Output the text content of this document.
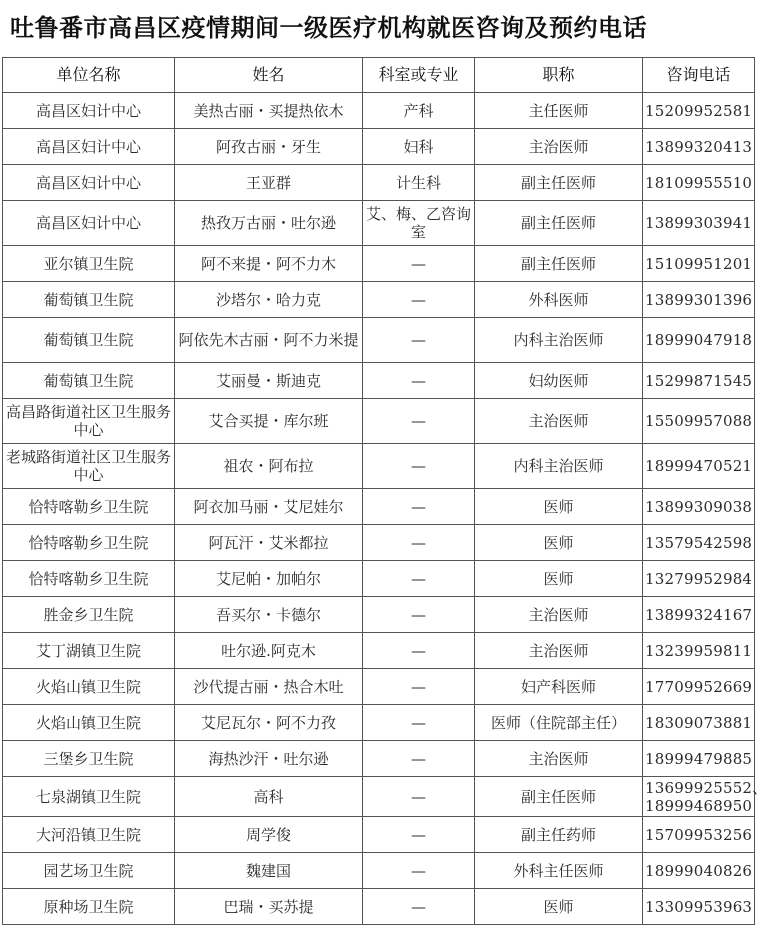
吐鲁番市高昌区疫情期间一级医疗机构就医咨询及预约电话
单位名称	姓名	科室或专业	职称	咨询电话
高昌区妇计中心	美热古丽・买提热依木	产科	主任医师	15209952581
高昌区妇计中心	阿孜古丽・牙生	妇科	主治医师	13899320413
高昌区妇计中心	王亚群	计生科	副主任医师	18109955510
高昌区妇计中心	热孜万古丽・吐尔逊	艾、梅、乙咨询室	副主任医师	13899303941
亚尔镇卫生院	阿不来提・阿不力木	—	副主任医师	15109951201
葡萄镇卫生院	沙塔尔・哈力克	—	外科医师	13899301396
葡萄镇卫生院	阿依先木古丽・阿不力米提	—	内科主治医师	18999047918
葡萄镇卫生院	艾丽曼・斯迪克	—	妇幼医师	15299871545
高昌路街道社区卫生服务中心	艾合买提・库尔班	—	主治医师	15509957088
老城路街道社区卫生服务中心	祖农・阿布拉	—	内科主治医师	18999470521
恰特喀勒乡卫生院	阿衣加马丽・艾尼娃尔	—	医师	13899309038
恰特喀勒乡卫生院	阿瓦汗・艾米都拉	—	医师	13579542598
恰特喀勒乡卫生院	艾尼帕・加帕尔	—	医师	13279952984
胜金乡卫生院	吾买尔・卡德尔	—	主治医师	13899324167
艾丁湖镇卫生院	吐尔逊.阿克木	—	主治医师	13239959811
火焰山镇卫生院	沙代提古丽・热合木吐	—	妇产科医师	17709952669
火焰山镇卫生院	艾尼瓦尔・阿不力孜	—	医师（住院部主任）	18309073881
三堡乡卫生院	海热沙汗・吐尔逊	—	主治医师	18999479885
七泉湖镇卫生院	高科	—	副主任医师	13699925552、18999468950
大河沿镇卫生院	周学俊	—	副主任药师	15709953256
园艺场卫生院	魏建国	—	外科主任医师	18999040826
原种场卫生院	巴瑞・买苏提	—	医师	13309953963
